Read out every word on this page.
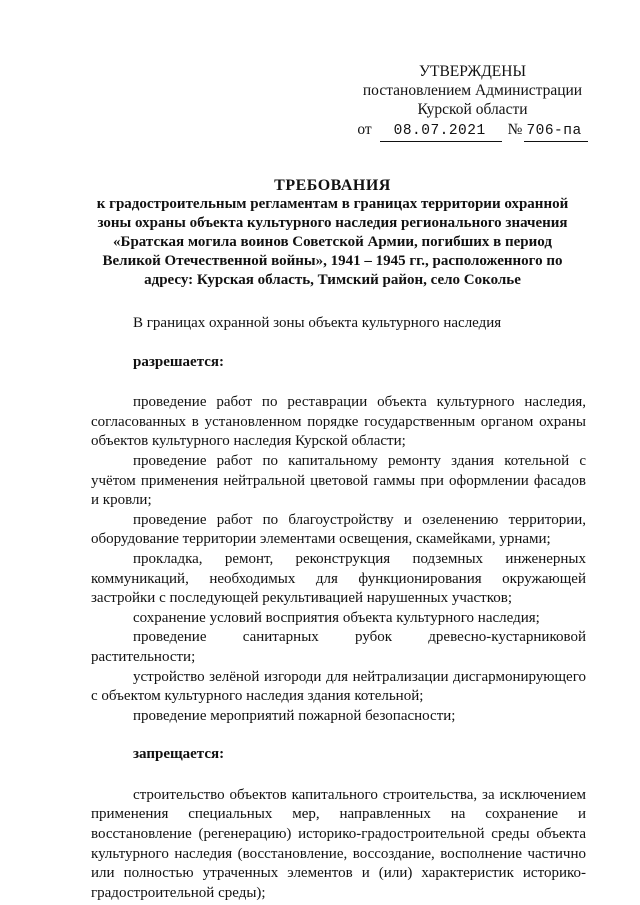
УТВЕРЖДЕНЫ
постановлением Администрации
Курской области
от 08.07.2021 № 706-па
ТРЕБОВАНИЯ
к градостроительным регламентам в границах территории охранной
зоны охраны объекта культурного наследия регионального значения
«Братская могила воинов Советской Армии, погибших в период
Великой Отечественной войны», 1941 – 1945 гг., расположенного по
адресу: Курская область, Тимский район, село Сокольe

В границах охранной зоны объекта культурного наследия

разрешается:
проведение работ по реставрации объекта культурного наследия, согласованных в установленном порядке государственным органом охраны объектов культурного наследия Курской области;
проведение работ по капитальному ремонту здания котельной с учётом применения нейтральной цветовой гаммы при оформлении фасадов и кровли;
проведение работ по благоустройству и озеленению территории, оборудование территории элементами освещения, скамейками, урнами;
прокладка, ремонт, реконструкция подземных инженерных коммуникаций, необходимых для функционирования окружающей застройки с последующей рекультивацией нарушенных участков;
сохранение условий восприятия объекта культурного наследия;
проведение санитарных рубок древесно-кустарниковой растительности;
устройство зелёной изгороди для нейтрализации дисгармонирующего с объектом культурного наследия здания котельной;
проведение мероприятий пожарной безопасности;
запрещается:
строительство объектов капитального строительства, за исключением применения специальных мер, направленных на сохранение и восстановление (регенерацию) историко-градостроительной среды объекта культурного наследия (восстановление, воссоздание, восполнение частично или полностью утраченных элементов и (или) характеристик историко-градостроительной среды);
